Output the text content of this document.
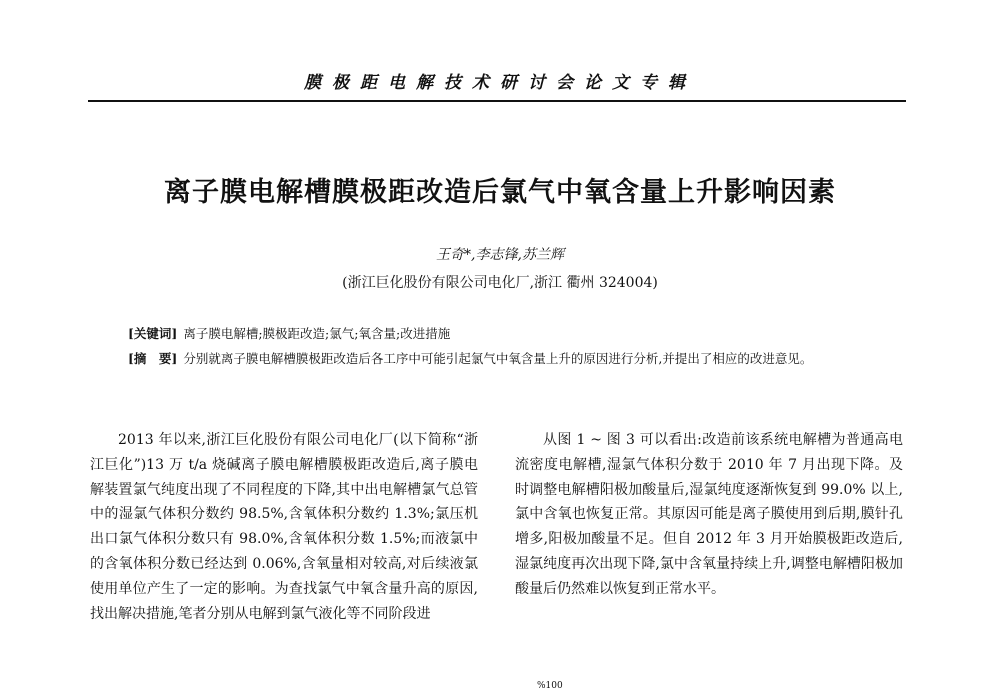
膜极距电解技术研讨会论文专辑
离子膜电解槽膜极距改造后氯气中氧含量上升影响因素
王奇*,李志锋,苏兰辉
(浙江巨化股份有限公司电化厂,浙江 衢州 324004)
[关键词] 离子膜电解槽;膜极距改造;氯气;氧含量;改进措施
[摘　要] 分别就离子膜电解槽膜极距改造后各工序中可能引起氯气中氧含量上升的原因进行分析,并提出了相应的改进意见。

2013 年以来,浙江巨化股份有限公司电化厂(以下简称“浙江巨化”)13 万 t/a 烧碱离子膜电解槽膜极距改造后,离子膜电解装置氯气纯度出现了不同程度的下降,其中出电解槽氯气总管中的湿氯气体积分数约 98.5%,含氧体积分数约 1.3%;氯压机出口氯气体积分数只有 98.0%,含氧体积分数 1.5%;而液氯中的含氧体积分数已经达到 0.06%,含氧量相对较高,对后续液氯使用单位产生了一定的影响。为查找氯气中氧含量升高的原因,找出解决措施,笔者分别从电解到氯气液化等不同阶段进

从图 1 ~ 图 3 可以看出:改造前该系统电解槽为普通高电流密度电解槽,湿氯气体积分数于 2010 年 7 月出现下降。及时调整电解槽阳极加酸量后,湿氯纯度逐渐恢复到 99.0% 以上,氯中含氧也恢复正常。其原因可能是离子膜使用到后期,膜针孔增多,阳极加酸量不足。但自 2012 年 3 月开始膜极距改造后,湿氯纯度再次出现下降,氯中含氧量持续上升,调整电解槽阳极加酸量后仍然难以恢复到正常水平。

%100
